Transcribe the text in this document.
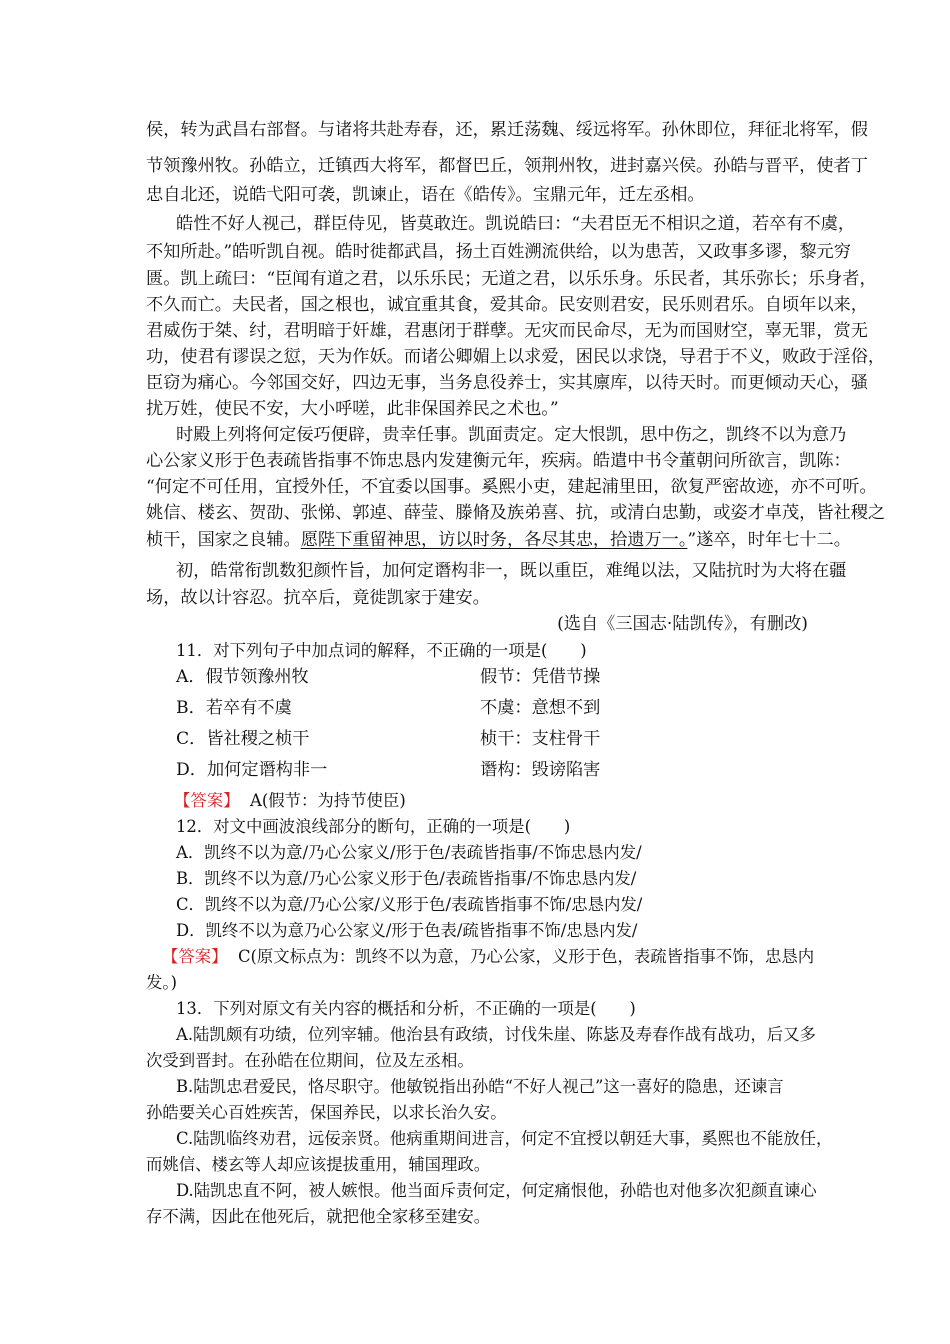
侯，转为武昌右部督。与诸将共赴寿春，还，累迁荡魏、绥远将军。孙休即位，拜征北将军，假
节领豫州牧。孙皓立，迁镇西大将军，都督巴丘，领荆州牧，进封嘉兴侯。孙皓与晋平，使者丁
忠自北还，说皓弋阳可袭，凯谏止，语在《皓传》。宝鼎元年，迁左丞相。
皓性不好人视己，群臣侍见，皆莫敢迕。凯说皓曰：“夫君臣无不相识之道，若卒有不虞，
不知所赴。”皓听凯自视。皓时徙都武昌，扬土百姓溯流供给，以为患苦，又政事多谬，黎元穷
匮。凯上疏曰：“臣闻有道之君，以乐乐民；无道之君，以乐乐身。乐民者，其乐弥长；乐身者，
不久而亡。夫民者，国之根也，诚宜重其食，爱其命。民安则君安，民乐则君乐。自顷年以来，
君威伤于桀、纣，君明暗于奸雄，君惠闭于群孽。无灾而民命尽，无为而国财空，辜无罪，赏无
功，使君有谬误之愆，天为作妖。而诸公卿媚上以求爱，困民以求饶，导君于不义，败政于淫俗，
臣窃为痛心。今邻国交好，四边无事，当务息役养士，实其廪库，以待天时。而更倾动天心，骚
扰万姓，使民不安，大小呼嗟，此非保国养民之术也。”
时殿上列将何定佞巧便辟，贵幸任事。凯面责定。定大恨凯，思中伤之，凯终不以为意乃
心公家义形于色表疏皆指事不饰忠恳内发建衡元年，疾病。皓遣中书令董朝问所欲言，凯陈：
“何定不可任用，宜授外任，不宜委以国事。奚熙小吏，建起浦里田，欲复严密故迹，亦不可听。
姚信、楼玄、贺劭、张悌、郭逴、薛莹、滕脩及族弟喜、抗，或清白忠勤，或姿才卓茂，皆社稷之
桢干，国家之良辅。愿陛下重留神思，访以时务，各尽其忠，拾遗万一。”遂卒，时年七十二。
初，皓常衔凯数犯颜忤旨，加何定谮构非一，既以重臣，难绳以法，又陆抗时为大将在疆
场，故以计容忍。抗卒后，竟徙凯家于建安。
(选自《三国志·陆凯传》，有删改)
11．对下列句子中加点词的解释，不正确的一项是(　　)
A．假节领豫州牧	假节：凭借节操
B．若卒有不虞	不虞：意想不到
C．皆社稷之桢干	桢干：支柱骨干
D．加何定谮构非一	谮构：毁谤陷害
【答案】 A(假节：为持节使臣)
12．对文中画波浪线部分的断句，正确的一项是(　　)
A．凯终不以为意/乃心公家义/形于色/表疏皆指事/不饰忠恳内发/
B．凯终不以为意/乃心公家义形于色/表疏皆指事/不饰忠恳内发/
C．凯终不以为意/乃心公家/义形于色/表疏皆指事不饰/忠恳内发/
D．凯终不以为意乃心公家义/形于色表/疏皆指事不饰/忠恳内发/
【答案】 C(原文标点为：凯终不以为意，乃心公家，义形于色，表疏皆指事不饰，忠恳内
发。)
13．下列对原文有关内容的概括和分析，不正确的一项是(　　)
A.陆凯颇有功绩，位列宰辅。他治县有政绩，讨伐朱崖、陈毖及寿春作战有战功，后又多
次受到晋封。在孙皓在位期间，位及左丞相。
B.陆凯忠君爱民，恪尽职守。他敏锐指出孙皓“不好人视己”这一喜好的隐患，还谏言
孙皓要关心百姓疾苦，保国养民，以求长治久安。
C.陆凯临终劝君，远佞亲贤。他病重期间进言，何定不宜授以朝廷大事，奚熙也不能放任，
而姚信、楼玄等人却应该提拔重用，辅国理政。
D.陆凯忠直不阿，被人嫉恨。他当面斥责何定，何定痛恨他，孙皓也对他多次犯颜直谏心
存不满，因此在他死后，就把他全家移至建安。
